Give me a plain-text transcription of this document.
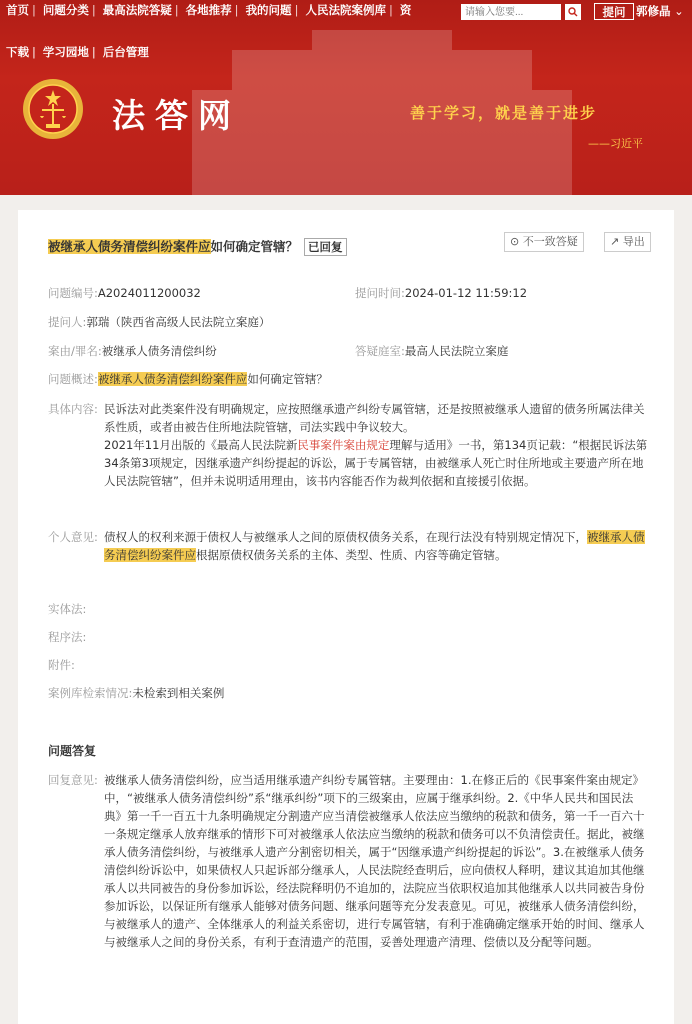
首页 | 问题分类 | 最高法院答疑 | 各地推荐 | 我的问题 | 人民法院案例库 | 资
下载 | 学习园地 | 后台管理
请输入您要...
提问 郭修晶 ⌄
法答网	善于学习，就是善于进步
——习近平
被继承人债务清偿纠纷案件应如何确定管辖？ 已回复	⊙ 不一致答疑	↗ 导出
问题编号:A2024011200032	提问时间:2024-01-12 11:59:12
提问人:郭瑞（陕西省高级人民法院立案庭）
案由/罪名:被继承人债务清偿纠纷	答疑庭室:最高人民法院立案庭
问题概述:被继承人债务清偿纠纷案件应如何确定管辖？
具体内容: 民诉法对此类案件没有明确规定，应按照继承遗产纠纷专属管辖，还是按照被继承人遗留的债务所属法律关系性质，或者由被告住所地法院管辖，司法实践中争议较大。

2021年11月出版的《最高人民法院新民事案件案由规定理解与适用》一书，第134页记载：“根据民诉法第34条第3项规定，因继承遗产纠纷提起的诉讼，属于专属管辖，由被继承人死亡时住所地或主要遗产所在地人民法院管辖”，但并未说明适用理由，该书内容能否作为裁判依据和直接援引依据。

个人意见: 债权人的权利来源于债权人与被继承人之间的原债权债务关系，在现行法没有特别规定情况下，被继承人债务清偿纠纷案件应根据原债权债务关系的主体、类型、性质、内容等确定管辖。
实体法:
程序法:
附件:
案例库检索情况:未检索到相关案例
问题答复
回复意见: 被继承人债务清偿纠纷，应当适用继承遗产纠纷专属管辖。主要理由：1.在修正后的《民事案件案由规定》中，“被继承人债务清偿纠纷”系“继承纠纷”项下的三级案由，应属于继承纠纷。2.《中华人民共和国民法典》第一千一百五十九条明确规定分割遗产应当清偿被继承人依法应当缴纳的税款和债务，第一千一百六十一条规定继承人放弃继承的情形下可对被继承人依法应当缴纳的税款和债务可以不负清偿责任。据此，被继承人债务清偿纠纷，与被继承人遗产分割密切相关，属于“因继承遗产纠纷提起的诉讼”。3.在被继承人债务清偿纠纷诉讼中，如果债权人只起诉部分继承人，人民法院经查明后，应向债权人释明，建议其追加其他继承人以共同被告的身份参加诉讼，经法院释明仍不追加的，法院应当依职权追加其他继承人以共同被告身份参加诉讼，以保证所有继承人能够对债务问题、继承问题等充分发表意见。可见，被继承人债务清偿纠纷，与被继承人的遗产、全体继承人的利益关系密切，进行专属管辖，有利于准确确定继承开始的时间、继承人与被继承人之间的身份关系，有利于查清遗产的范围，妥善处理遗产清理、偿债以及分配等问题。
